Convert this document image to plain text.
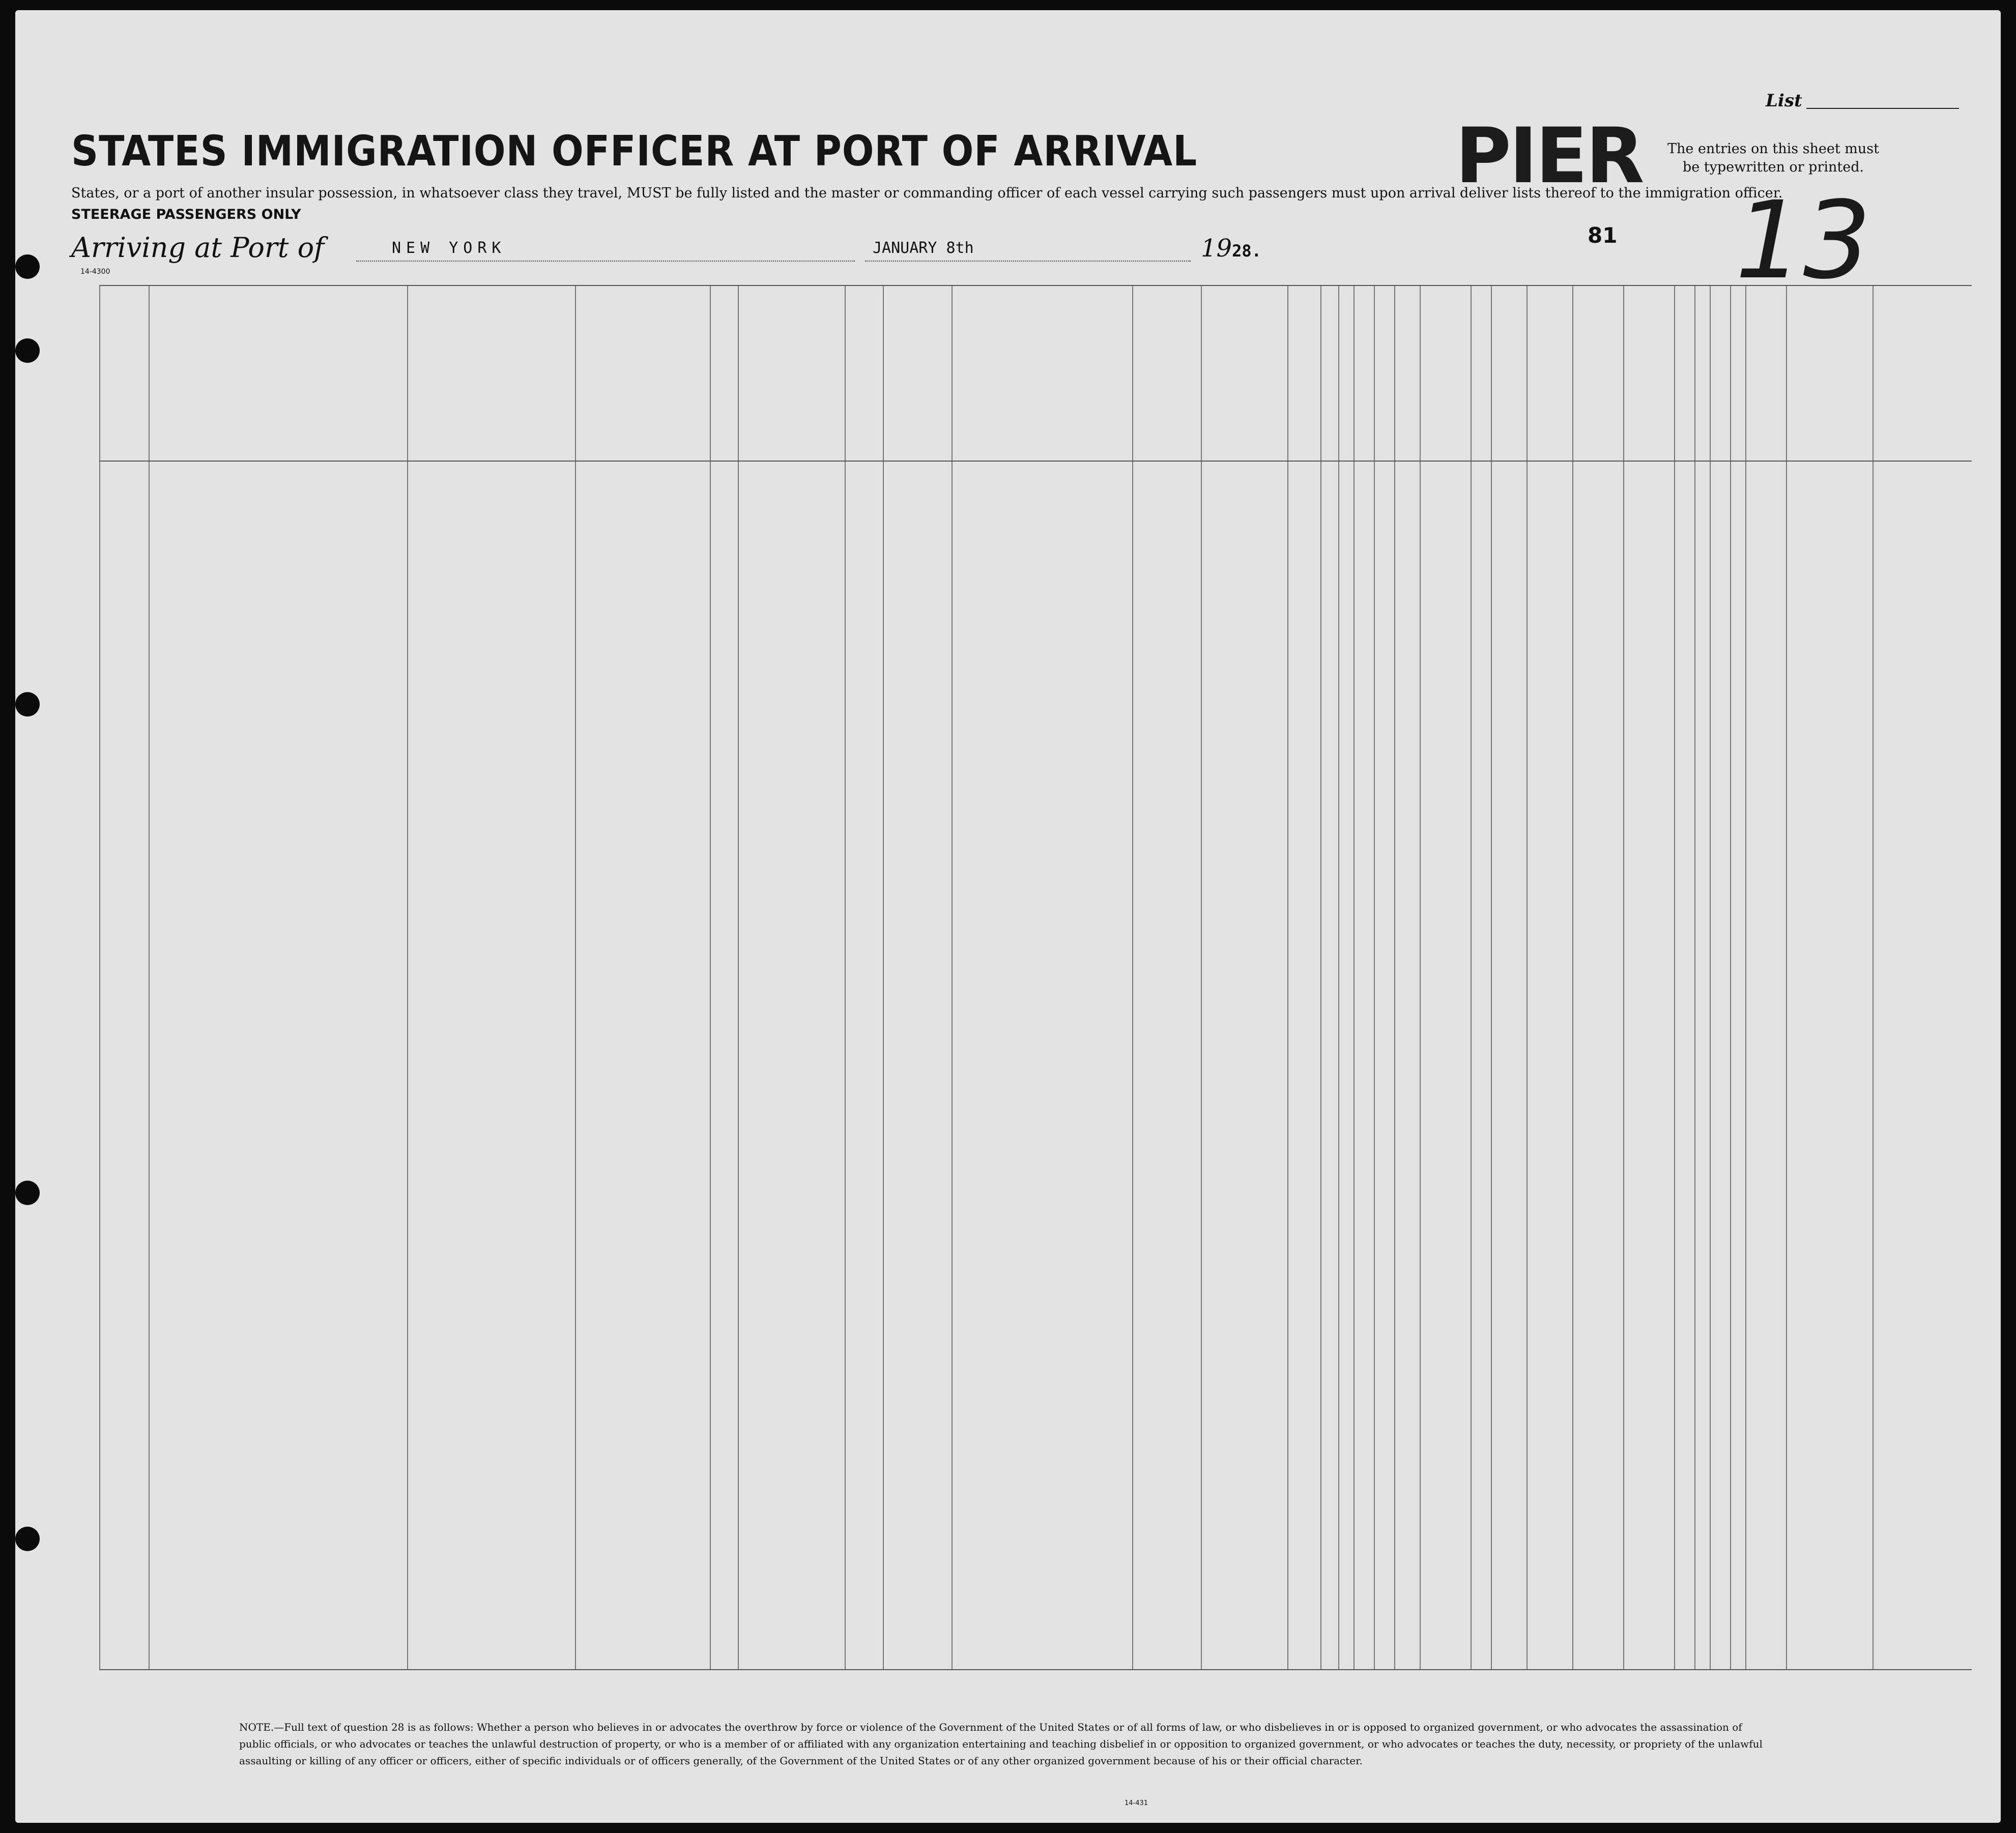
STATES IMMIGRATION OFFICER AT PORT OF ARRIVAL
States, or a port of another insular possession, in whatsoever class they travel, MUST be fully listed and the master or commanding officer of each vessel carrying such passengers must upon arrival deliver lists thereof to the immigration officer.
STEERAGE PASSENGERS ONLY
PIER
List
The entries on this sheet must be typewritten or printed.
13
Arriving at Port of	NEW YORK	JANUARY 8th	1928.
81
14-4300
NOTE.—Full text of question 28 is as follows: Whether a person who believes in or advocates the overthrow by force or violence of the Government of the United States or of all forms of law, or who disbelieves in or is opposed to organized government, or who advocates the assassination of public officials, or who advocates or teaches the unlawful destruction of property, or who is a member of or affiliated with any organization entertaining and teaching disbelief in or opposition to organized government, or who advocates or teaches the duty, necessity, or propriety of the unlawful assaulting or killing of any officer or officers, either of specific individuals or of officers generally, of the Government of the United States or of any other organized government because of his or their official character.
14-431
